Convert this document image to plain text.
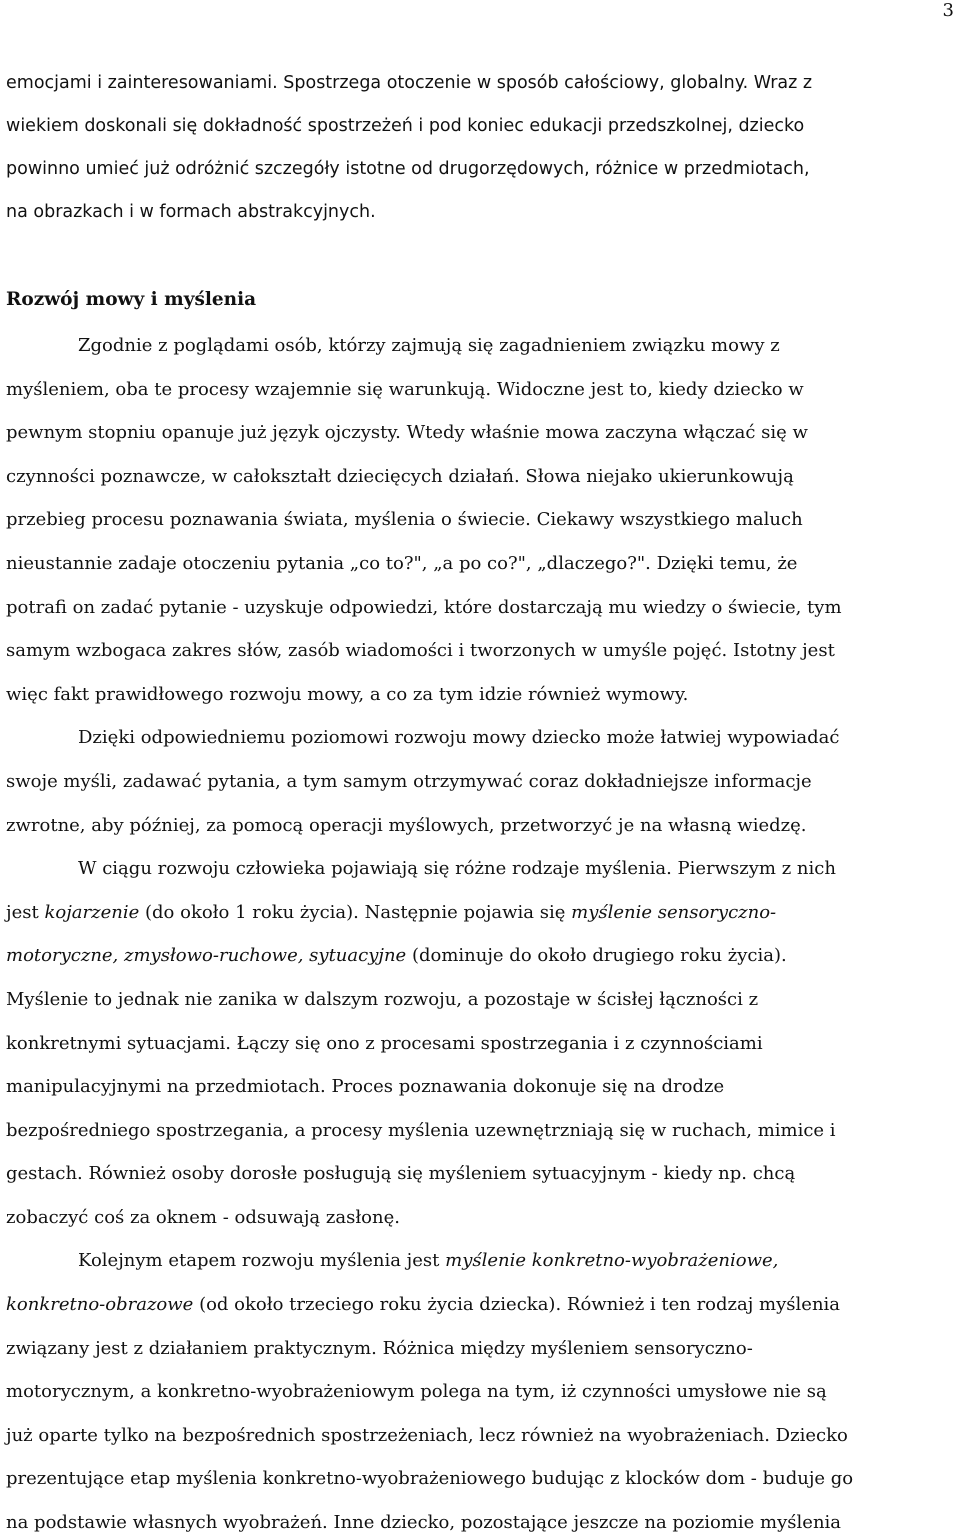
3
emocjami i zainteresowaniami. Spostrzega otoczenie w sposób całościowy, globalny. Wraz z
wiekiem doskonali się dokładność spostrzeżeń i pod koniec edukacji przedszkolnej, dziecko
powinno umieć już odróżnić szczegóły istotne od drugorzędowych, różnice w przedmiotach,
na obrazkach i w formach abstrakcyjnych.
Rozwój mowy i myślenia
Zgodnie z poglądami osób, którzy zajmują się zagadnieniem związku mowy z
myśleniem, oba te procesy wzajemnie się warunkują. Widoczne jest to, kiedy dziecko w
pewnym stopniu opanuje już język ojczysty. Wtedy właśnie mowa zaczyna włączać się w
czynności poznawcze, w całokształt dziecięcych działań. Słowa niejako ukierunkowują
przebieg procesu poznawania świata, myślenia o świecie. Ciekawy wszystkiego maluch
nieustannie zadaje otoczeniu pytania „co to?", „a po co?", „dlaczego?". Dzięki temu, że
potrafi on zadać pytanie - uzyskuje odpowiedzi, które dostarczają mu wiedzy o świecie, tym
samym wzbogaca zakres słów, zasób wiadomości i tworzonych w umyśle pojęć. Istotny jest
więc fakt prawidłowego rozwoju mowy, a co za tym idzie również wymowy.
Dzięki odpowiedniemu poziomowi rozwoju mowy dziecko może łatwiej wypowiadać
swoje myśli, zadawać pytania, a tym samym otrzymywać coraz dokładniejsze informacje
zwrotne, aby później, za pomocą operacji myślowych, przetworzyć je na własną wiedzę.
W ciągu rozwoju człowieka pojawiają się różne rodzaje myślenia. Pierwszym z nich
jest kojarzenie (do około 1 roku życia). Następnie pojawia się myślenie sensoryczno-
motoryczne, zmysłowo-ruchowe, sytuacyjne (dominuje do około drugiego roku życia).
Myślenie to jednak nie zanika w dalszym rozwoju, a pozostaje w ścisłej łączności z
konkretnymi sytuacjami. Łączy się ono z procesami spostrzegania i z czynnościami
manipulacyjnymi na przedmiotach. Proces poznawania dokonuje się na drodze
bezpośredniego spostrzegania, a procesy myślenia uzewnętrzniają się w ruchach, mimice i
gestach. Również osoby dorosłe posługują się myśleniem sytuacyjnym - kiedy np. chcą
zobaczyć coś za oknem - odsuwają zasłonę.
Kolejnym etapem rozwoju myślenia jest myślenie konkretno-wyobrażeniowe,
konkretno-obrazowe (od około trzeciego roku życia dziecka). Również i ten rodzaj myślenia
związany jest z działaniem praktycznym. Różnica między myśleniem sensoryczno-
motorycznym, a konkretno-wyobrażeniowym polega na tym, iż czynności umysłowe nie są
już oparte tylko na bezpośrednich spostrzeżeniach, lecz również na wyobrażeniach. Dziecko
prezentujące etap myślenia konkretno-wyobrażeniowego budując z klocków dom - buduje go
na podstawie własnych wyobrażeń. Inne dziecko, pozostające jeszcze na poziomie myślenia
